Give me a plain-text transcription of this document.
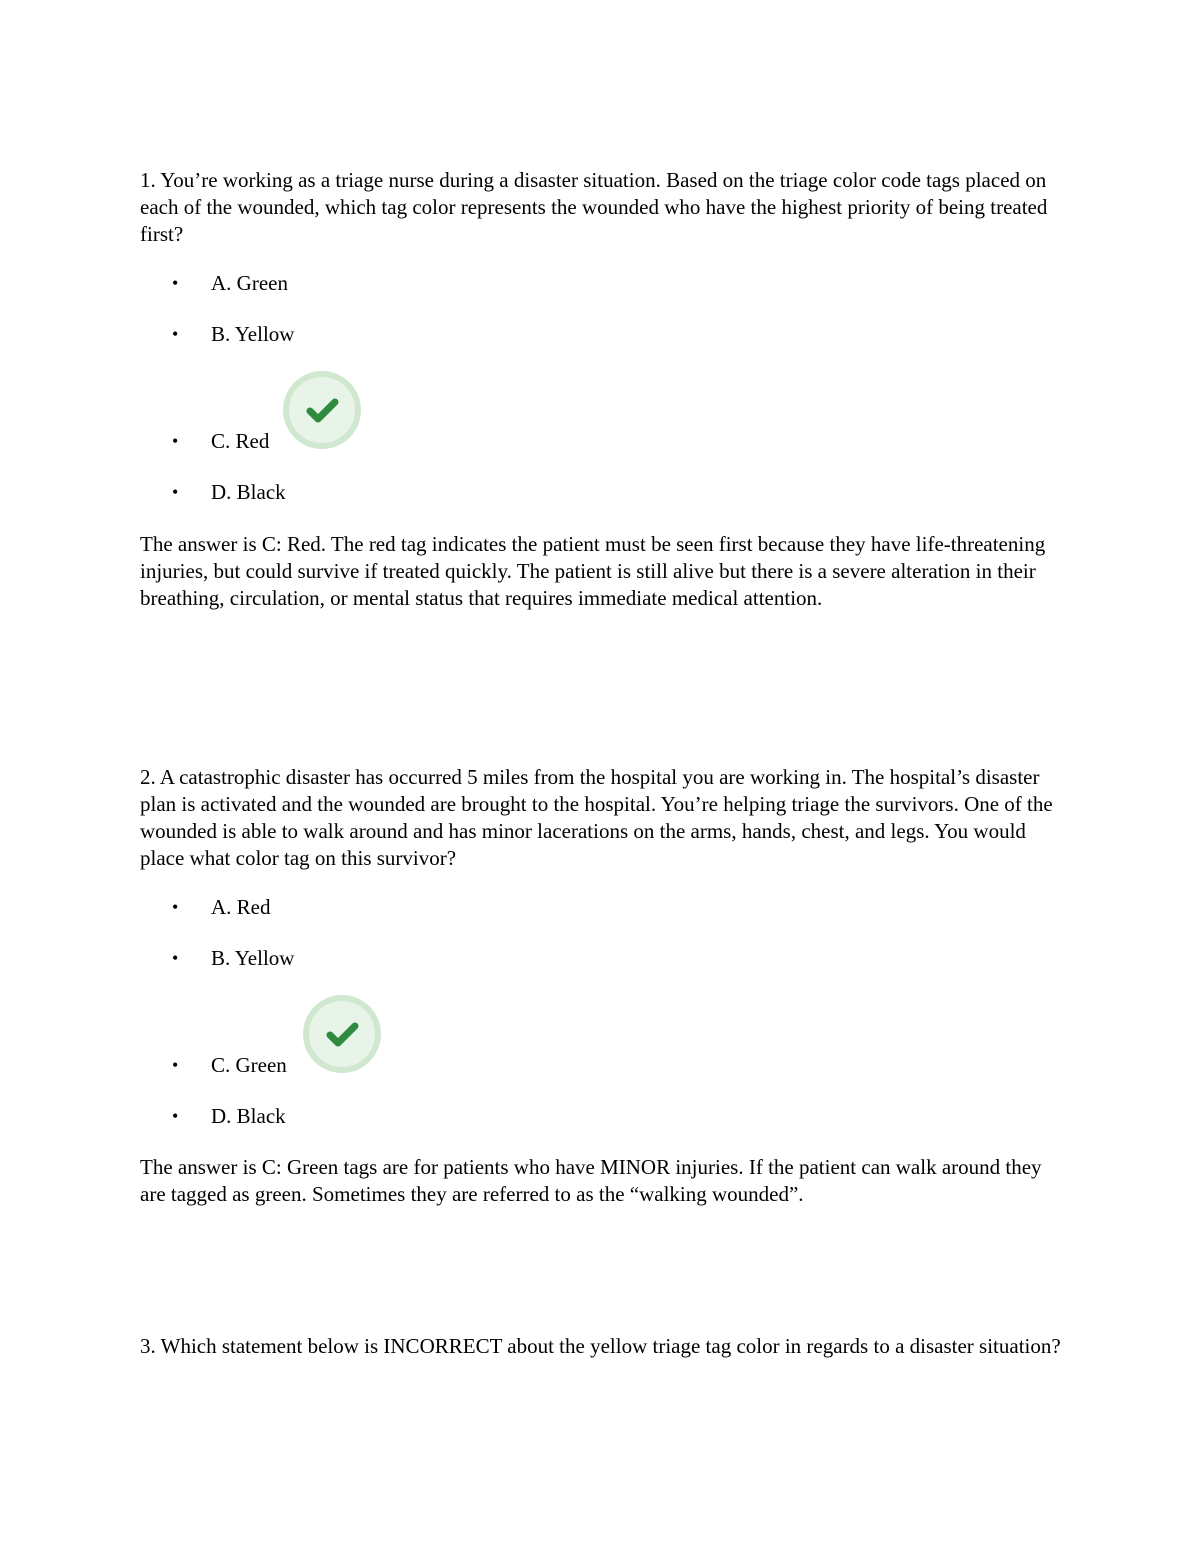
1. You’re working as a triage nurse during a disaster situation. Based on the triage color code tags placed on each of the wounded, which tag color represents the wounded who have the highest priority of being treated first?

• A. Green
• B. Yellow
• C. Red
• D. Black

The answer is C: Red. The red tag indicates the patient must be seen first because they have life-threatening injuries, but could survive if treated quickly. The patient is still alive but there is a severe alteration in their breathing, circulation, or mental status that requires immediate medical attention.

2. A catastrophic disaster has occurred 5 miles from the hospital you are working in. The hospital’s disaster plan is activated and the wounded are brought to the hospital. You’re helping triage the survivors. One of the wounded is able to walk around and has minor lacerations on the arms, hands, chest, and legs. You would place what color tag on this survivor?

• A. Red
• B. Yellow
• C. Green
• D. Black

The answer is C: Green tags are for patients who have MINOR injuries. If the patient can walk around they are tagged as green. Sometimes they are referred to as the “walking wounded”.

3. Which statement below is INCORRECT about the yellow triage tag color in regards to a disaster situation?
